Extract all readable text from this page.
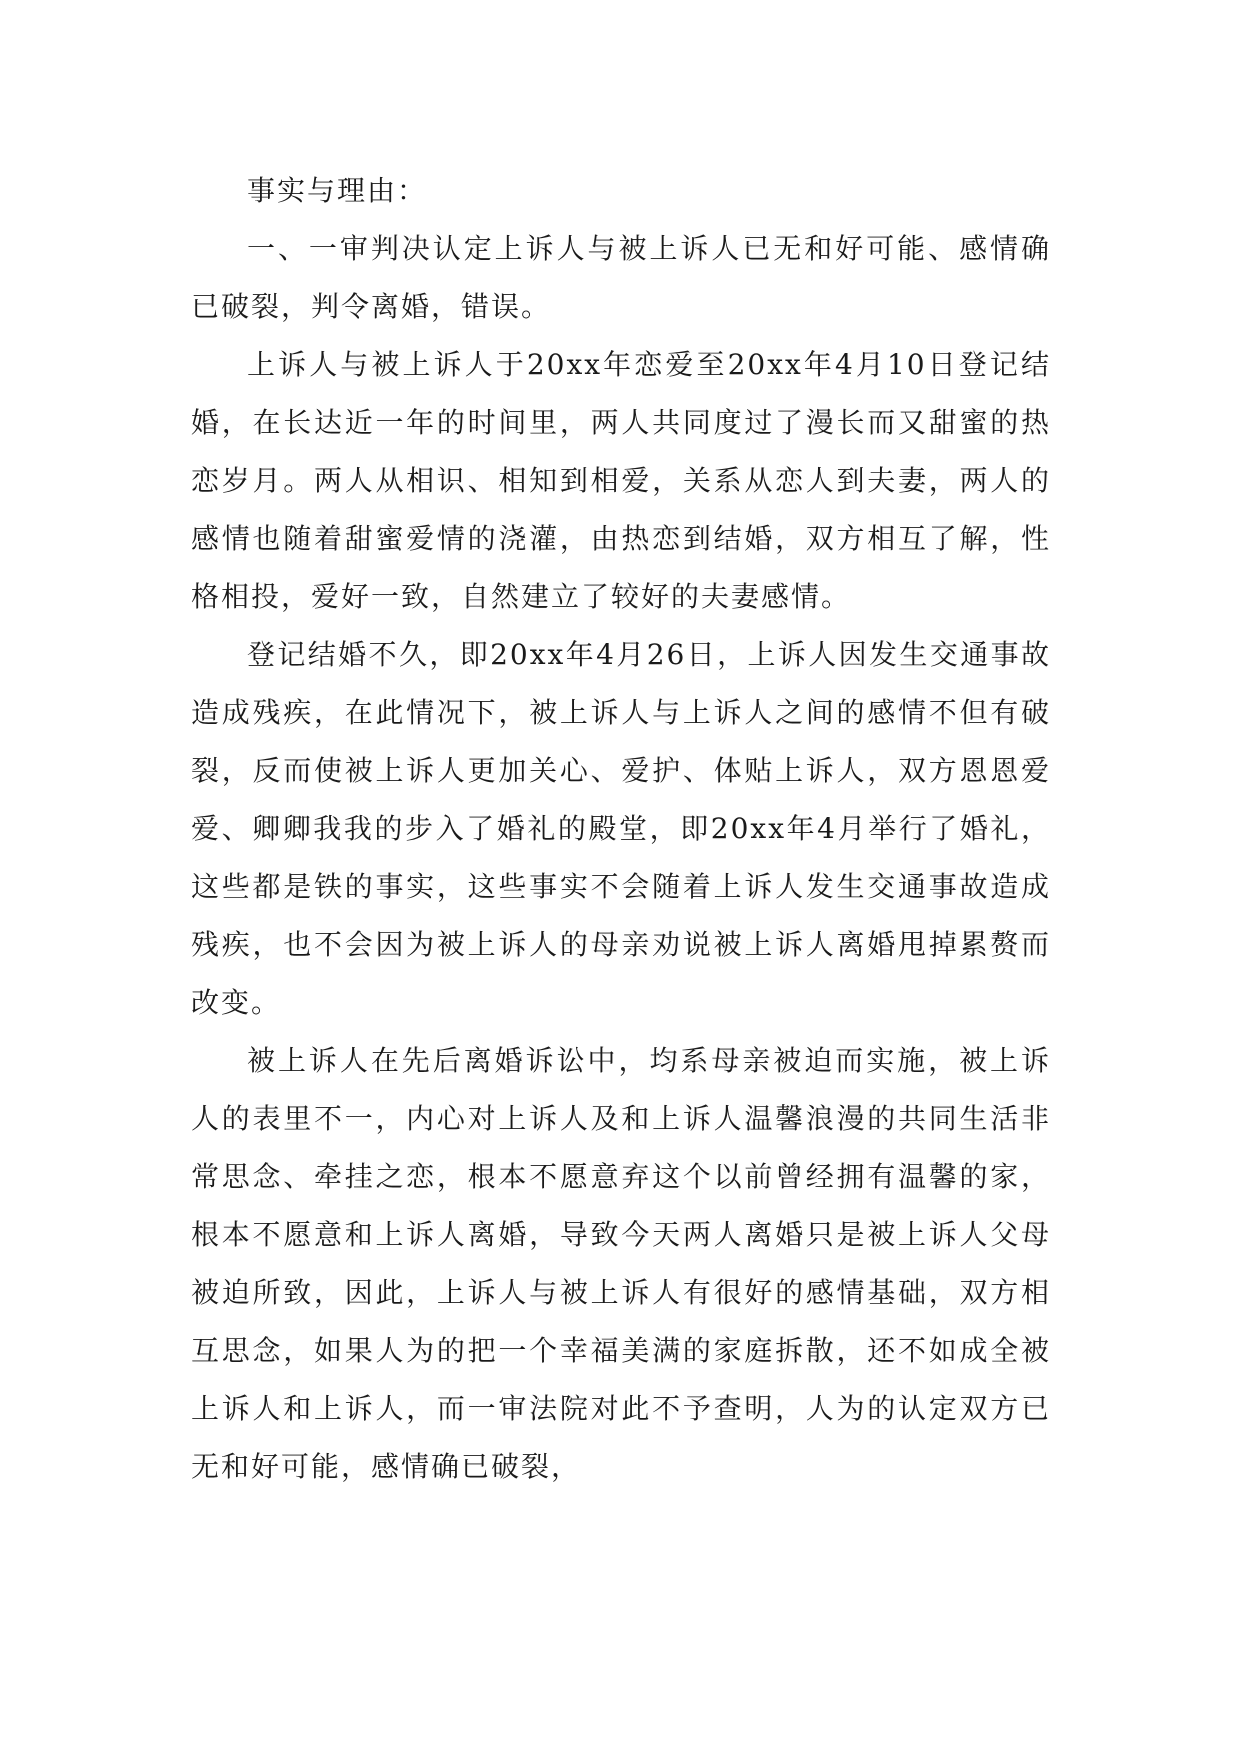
事实与理由：

一、一审判决认定上诉人与被上诉人已无和好可能、感情确已破裂，判令离婚，错误。

上诉人与被上诉人于20xx年恋爱至20xx年4月10日登记结婚，在长达近一年的时间里，两人共同度过了漫长而又甜蜜的热恋岁月。两人从相识、相知到相爱，关系从恋人到夫妻，两人的感情也随着甜蜜爱情的浇灌，由热恋到结婚，双方相互了解，性格相投，爱好一致，自然建立了较好的夫妻感情。

登记结婚不久，即20xx年4月26日，上诉人因发生交通事故造成残疾，在此情况下，被上诉人与上诉人之间的感情不但有破裂，反而使被上诉人更加关心、爱护、体贴上诉人，双方恩恩爱爱、卿卿我我的步入了婚礼的殿堂，即20xx年4月举行了婚礼，这些都是铁的事实，这些事实不会随着上诉人发生交通事故造成残疾，也不会因为被上诉人的母亲劝说被上诉人离婚甩掉累赘而改变。

被上诉人在先后离婚诉讼中，均系母亲被迫而实施，被上诉人的表里不一，内心对上诉人及和上诉人温馨浪漫的共同生活非常思念、牵挂之恋，根本不愿意弃这个以前曾经拥有温馨的家，根本不愿意和上诉人离婚，导致今天两人离婚只是被上诉人父母被迫所致，因此，上诉人与被上诉人有很好的感情基础，双方相互思念，如果人为的把一个幸福美满的家庭拆散，还不如成全被上诉人和上诉人，而一审法院对此不予查明，人为的认定双方已无和好可能，感情确已破裂，
